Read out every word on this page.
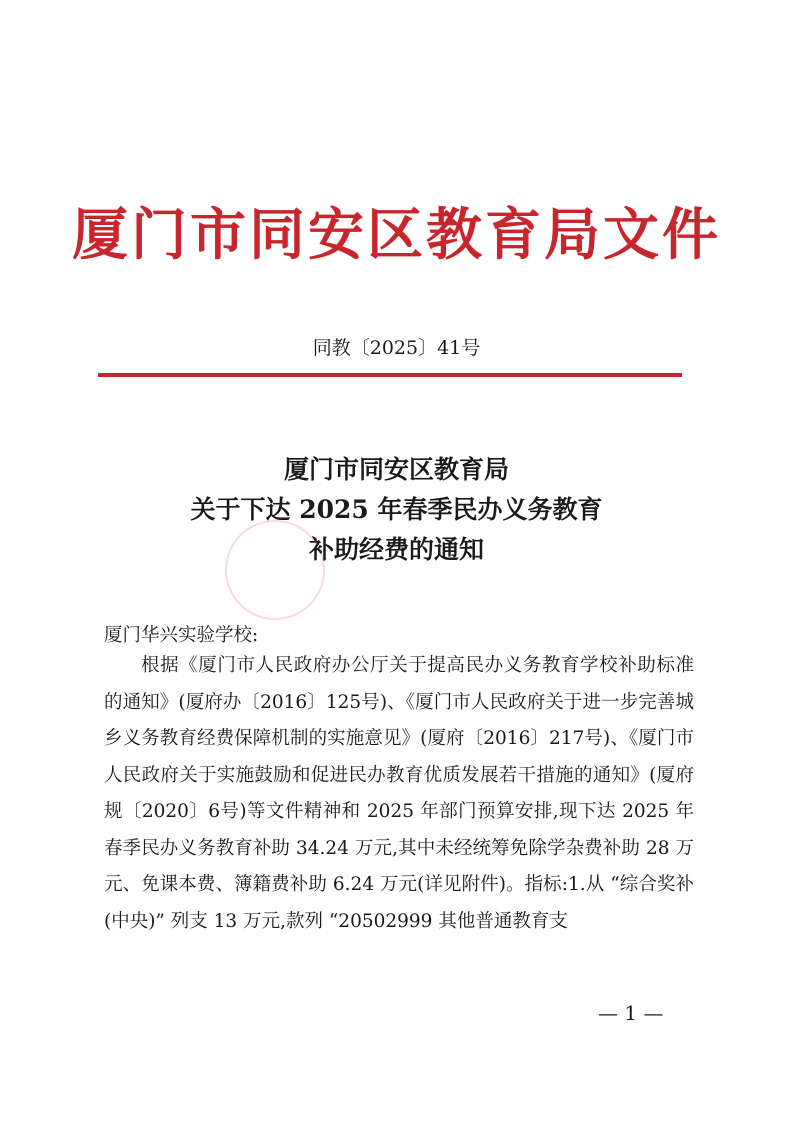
厦门市同安区教育局文件
同教〔2025〕41号
厦门市同安区教育局
关于下达 2025 年春季民办义务教育
补助经费的通知
厦门华兴实验学校:

根据《厦门市人民政府办公厅关于提高民办义务教育学校补助标准的通知》(厦府办〔2016〕125号)、《厦门市人民政府关于进一步完善城乡义务教育经费保障机制的实施意见》(厦府〔2016〕217号)、《厦门市人民政府关于实施鼓励和促进民办教育优质发展若干措施的通知》(厦府规〔2020〕6号)等文件精神和 2025 年部门预算安排,现下达 2025 年春季民办义务教育补助 34.24 万元,其中未经统筹免除学杂费补助 28 万元、免课本费、簿籍费补助 6.24 万元(详见附件)。指标:1.从 “综合奖补(中央)” 列支 13 万元,款列 “20502999 其他普通教育支

— 1 —
